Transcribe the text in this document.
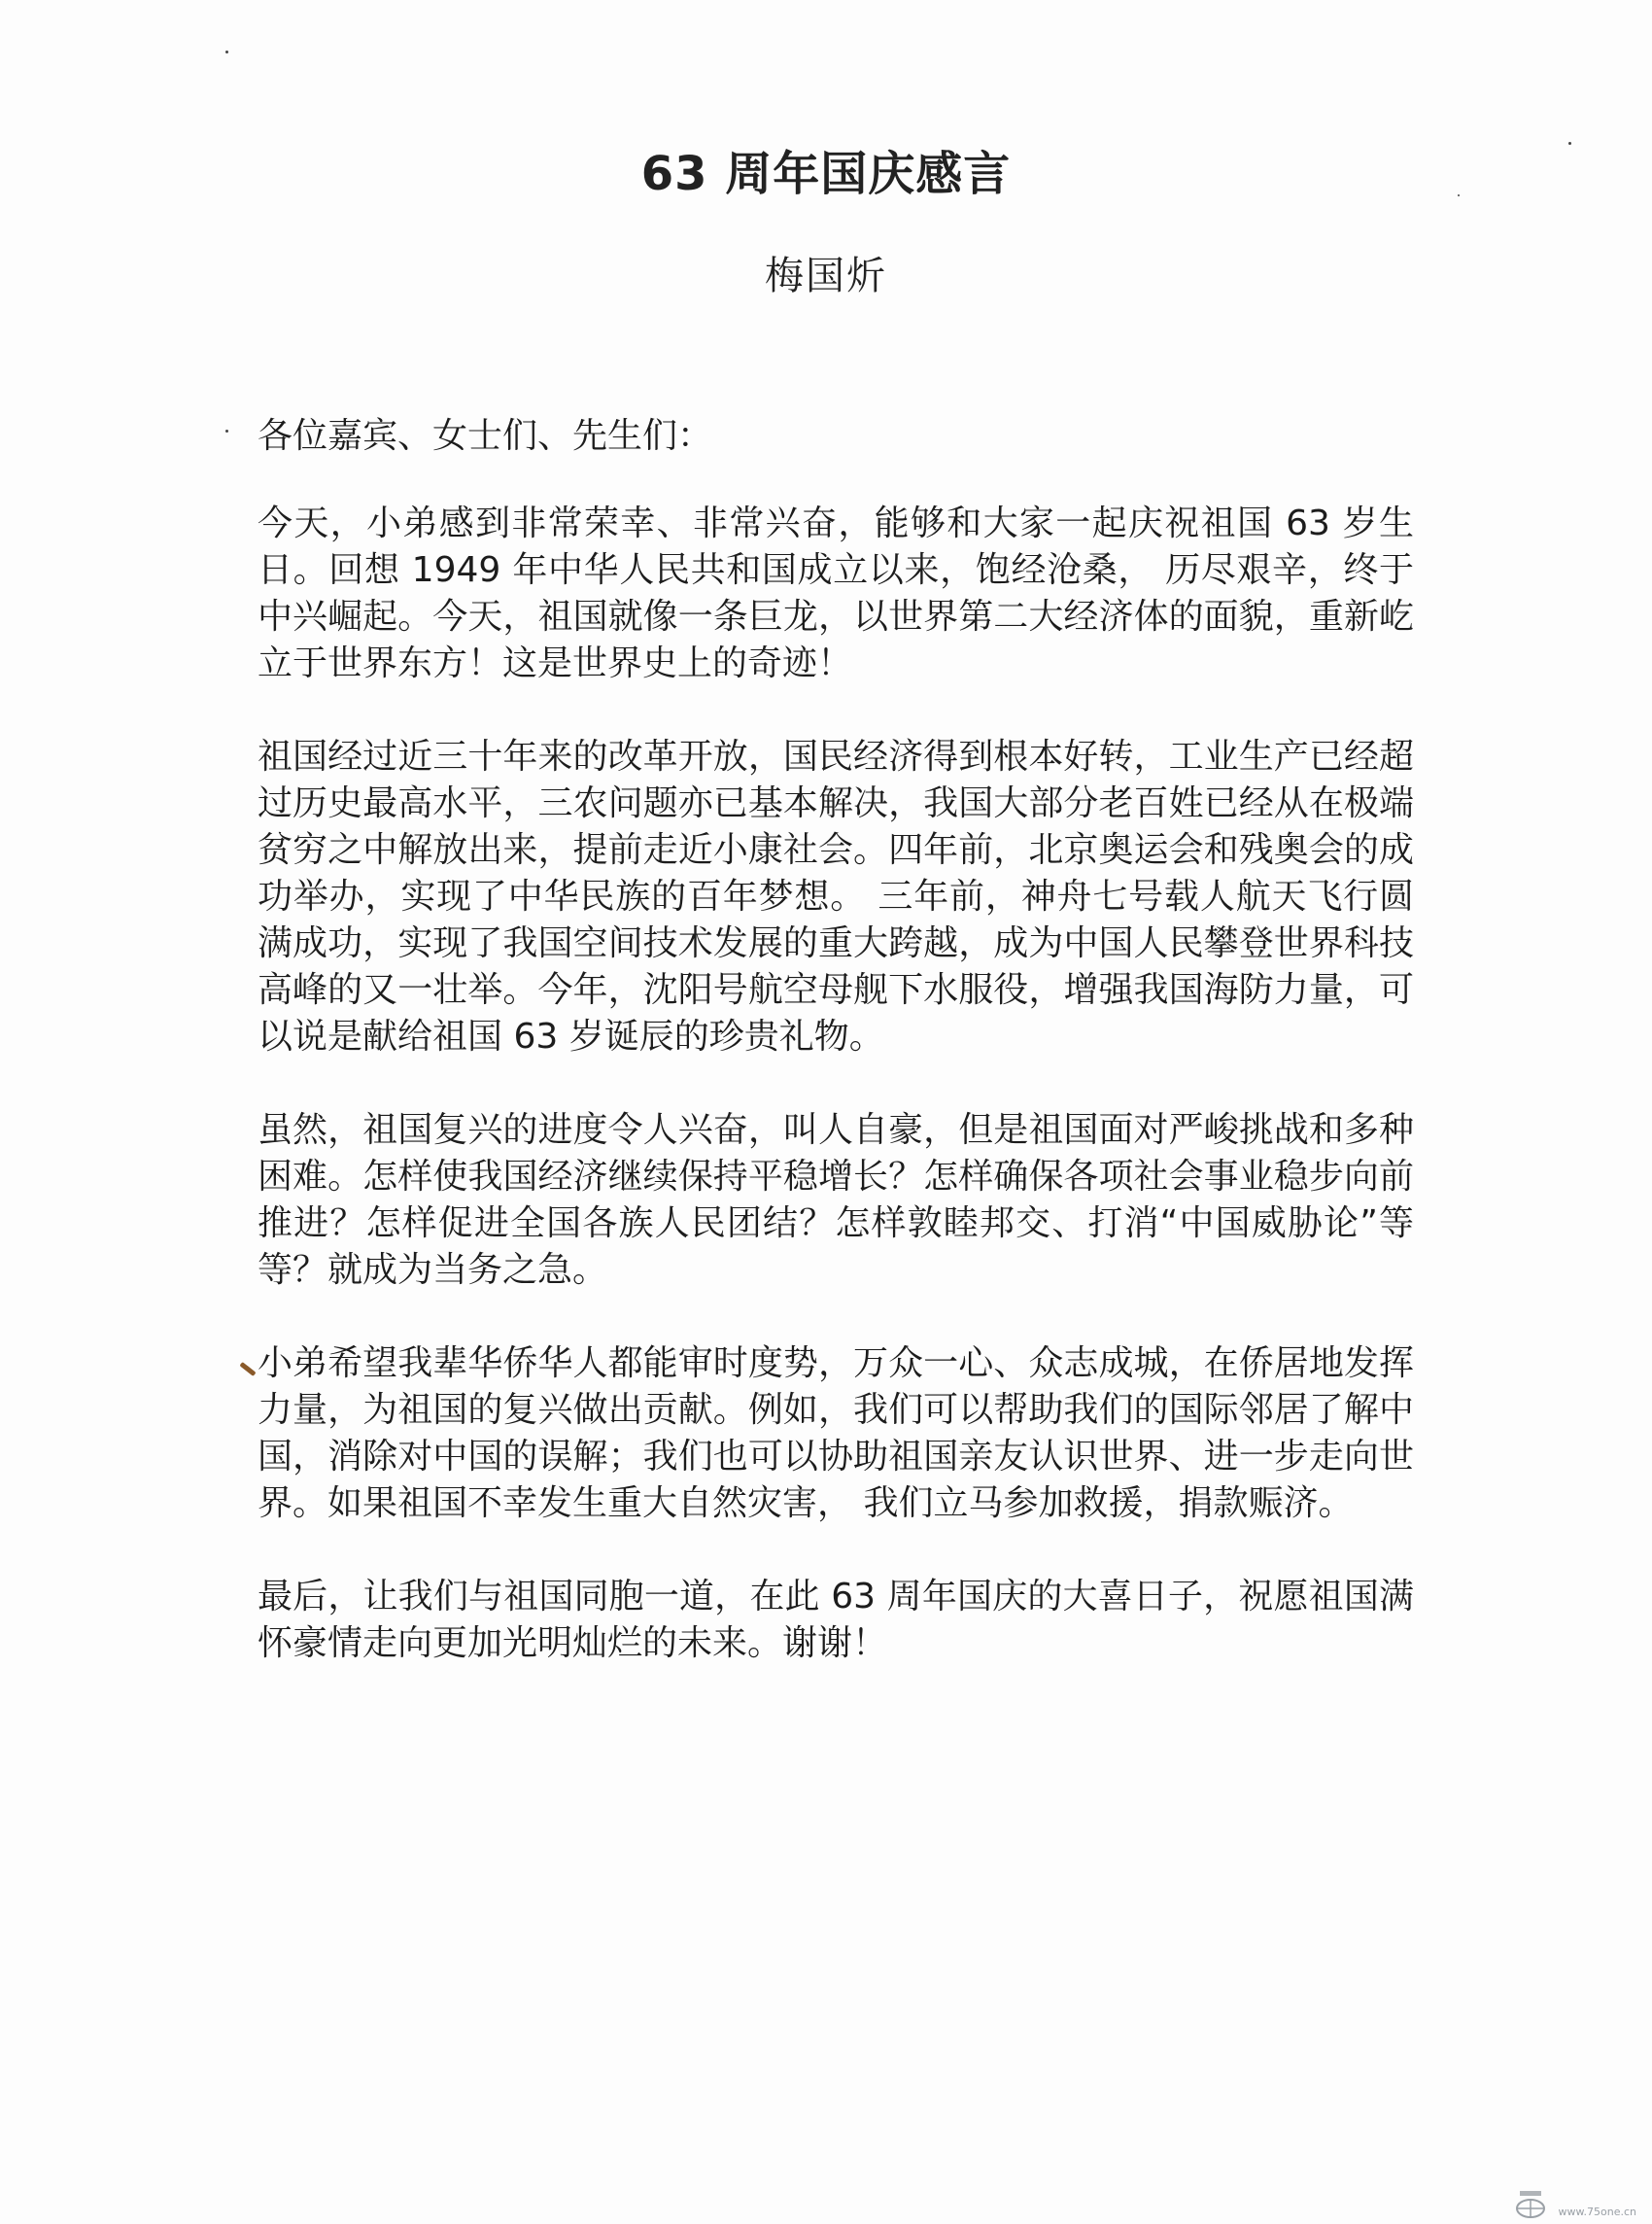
63 周年国庆感言
梅国炘

各位嘉宾、女士们、先生们：

今天，小弟感到非常荣幸、非常兴奋，能够和大家一起庆祝祖国 63 岁生日。回想 1949 年中华人民共和国成立以来，饱经沧桑， 历尽艰辛，终于中兴崛起。今天，祖国就像一条巨龙，以世界第二大经济体的面貌，重新屹立于世界东方！这是世界史上的奇迹！

祖国经过近三十年来的改革开放，国民经济得到根本好转，工业生产已经超过历史最高水平，三农问题亦已基本解决，我国大部分老百姓已经从在极端贫穷之中解放出来，提前走近小康社会。四年前，北京奥运会和残奥会的成功举办，实现了中华民族的百年梦想。 三年前，神舟七号载人航天飞行圆满成功，实现了我国空间技术发展的重大跨越，成为中国人民攀登世界科技高峰的又一壮举。今年，沈阳号航空母舰下水服役，增强我国海防力量，可以说是献给祖国 63 岁诞辰的珍贵礼物。

虽然，祖国复兴的进度令人兴奋，叫人自豪，但是祖国面对严峻挑战和多种困难。怎样使我国经济继续保持平稳增长？怎样确保各项社会事业稳步向前推进？怎样促进全国各族人民团结？怎样敦睦邦交、打消“中国威胁论”等等？就成为当务之急。

小弟希望我辈华侨华人都能审时度势，万众一心、众志成城，在侨居地发挥力量，为祖国的复兴做出贡献。例如，我们可以帮助我们的国际邻居了解中国，消除对中国的误解；我们也可以协助祖国亲友认识世界、进一步走向世界。如果祖国不幸发生重大自然灾害， 我们立马参加救援，捐款赈济。

最后，让我们与祖国同胞一道，在此 63 周年国庆的大喜日子，祝愿祖国满怀豪情走向更加光明灿烂的未来。谢谢！

www.75one.cn
